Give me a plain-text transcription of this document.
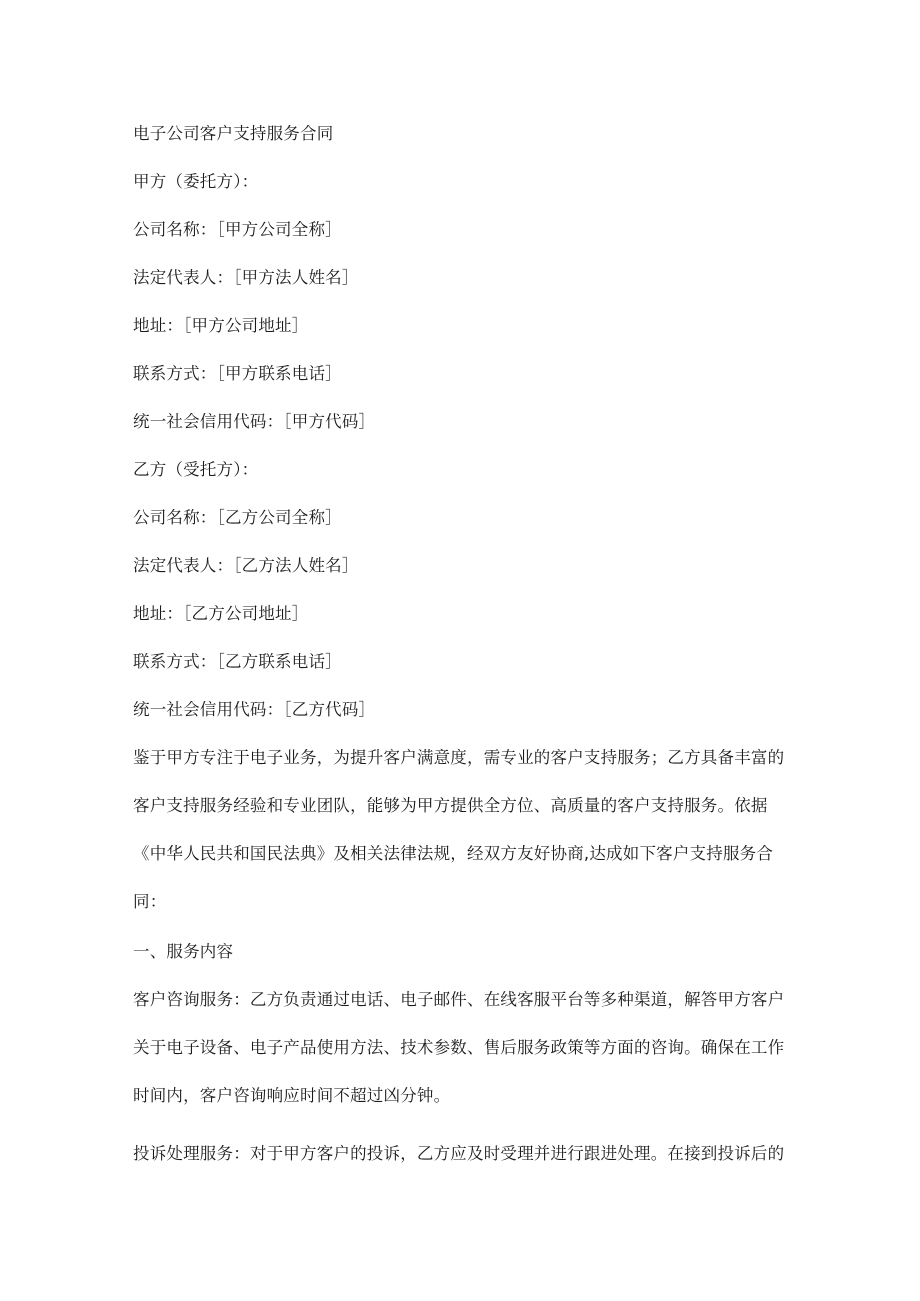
电子公司客户支持服务合同
甲方（委托方）：
公司名称：［甲方公司全称］
法定代表人：［甲方法人姓名］
地址：［甲方公司地址］
联系方式：［甲方联系电话］
统一社会信用代码：［甲方代码］
乙方（受托方）：
公司名称：［乙方公司全称］
法定代表人：［乙方法人姓名］
地址：［乙方公司地址］
联系方式：［乙方联系电话］
统一社会信用代码：［乙方代码］
鉴于甲方专注于电子业务，为提升客户满意度，需专业的客户支持服务；乙方具备丰富的
客户支持服务经验和专业团队，能够为甲方提供全方位、高质量的客户支持服务。依据
《中华人民共和国民法典》及相关法律法规，经双方友好协商,达成如下客户支持服务合
同：
一、服务内容
客户咨询服务：乙方负责通过电话、电子邮件、在线客服平台等多种渠道，解答甲方客户
关于电子设备、电子产品使用方法、技术参数、售后服务政策等方面的咨询。确保在工作
时间内，客户咨询响应时间不超过凶分钟。
投诉处理服务：对于甲方客户的投诉，乙方应及时受理并进行跟进处理。在接到投诉后的
